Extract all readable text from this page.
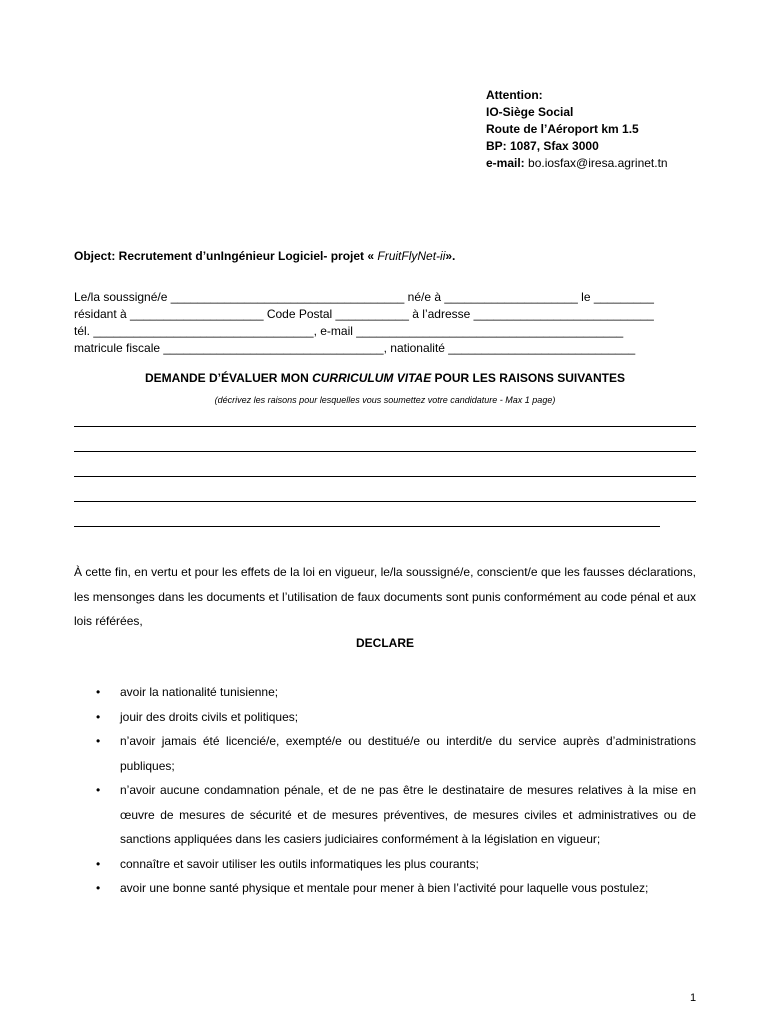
Attention:
IO-Siège Social
Route de l’Aéroport km 1.5
BP: 1087, Sfax 3000
e-mail: bo.iosfax@iresa.agrinet.tn
Object: Recrutement d’unIngénieur Logiciel- projet « FruitFlyNet-ii».
Le/la soussigné/e ___________________________________ né/e à ____________________ le _________
résidant à ____________________ Code Postal ___________ à l’adresse ___________________________
tél. _________________________________, e-mail ________________________________________
matricule fiscale _________________________________, nationalité ____________________________
DEMANDE D’ÉVALUER MON CURRICULUM VITAE POUR LES RAISONS SUIVANTES
(décrivez les raisons pour lesquelles vous soumettez votre candidature - Max 1 page)
À cette fin, en vertu et pour les effets de la loi en vigueur, le/la soussigné/e, conscient/e que les fausses déclarations, les mensonges dans les documents et l’utilisation de faux documents sont punis conformément au code pénal et aux lois référées,
DECLARE
• avoir la nationalité tunisienne;
• jouir des droits civils et politiques;
• n’avoir jamais été licencié/e, exempté/e ou destitué/e ou interdit/e du service auprès d’administrations publiques;
• n’avoir aucune condamnation pénale, et de ne pas être le destinataire de mesures relatives à la mise en œuvre de mesures de sécurité et de mesures préventives, de mesures civiles et administratives ou de sanctions appliquées dans les casiers judiciaires conformément à la législation en vigueur;
• connaître et savoir utiliser les outils informatiques les plus courants;
• avoir une bonne santé physique et mentale pour mener à bien l’activité pour laquelle vous postulez;
1
